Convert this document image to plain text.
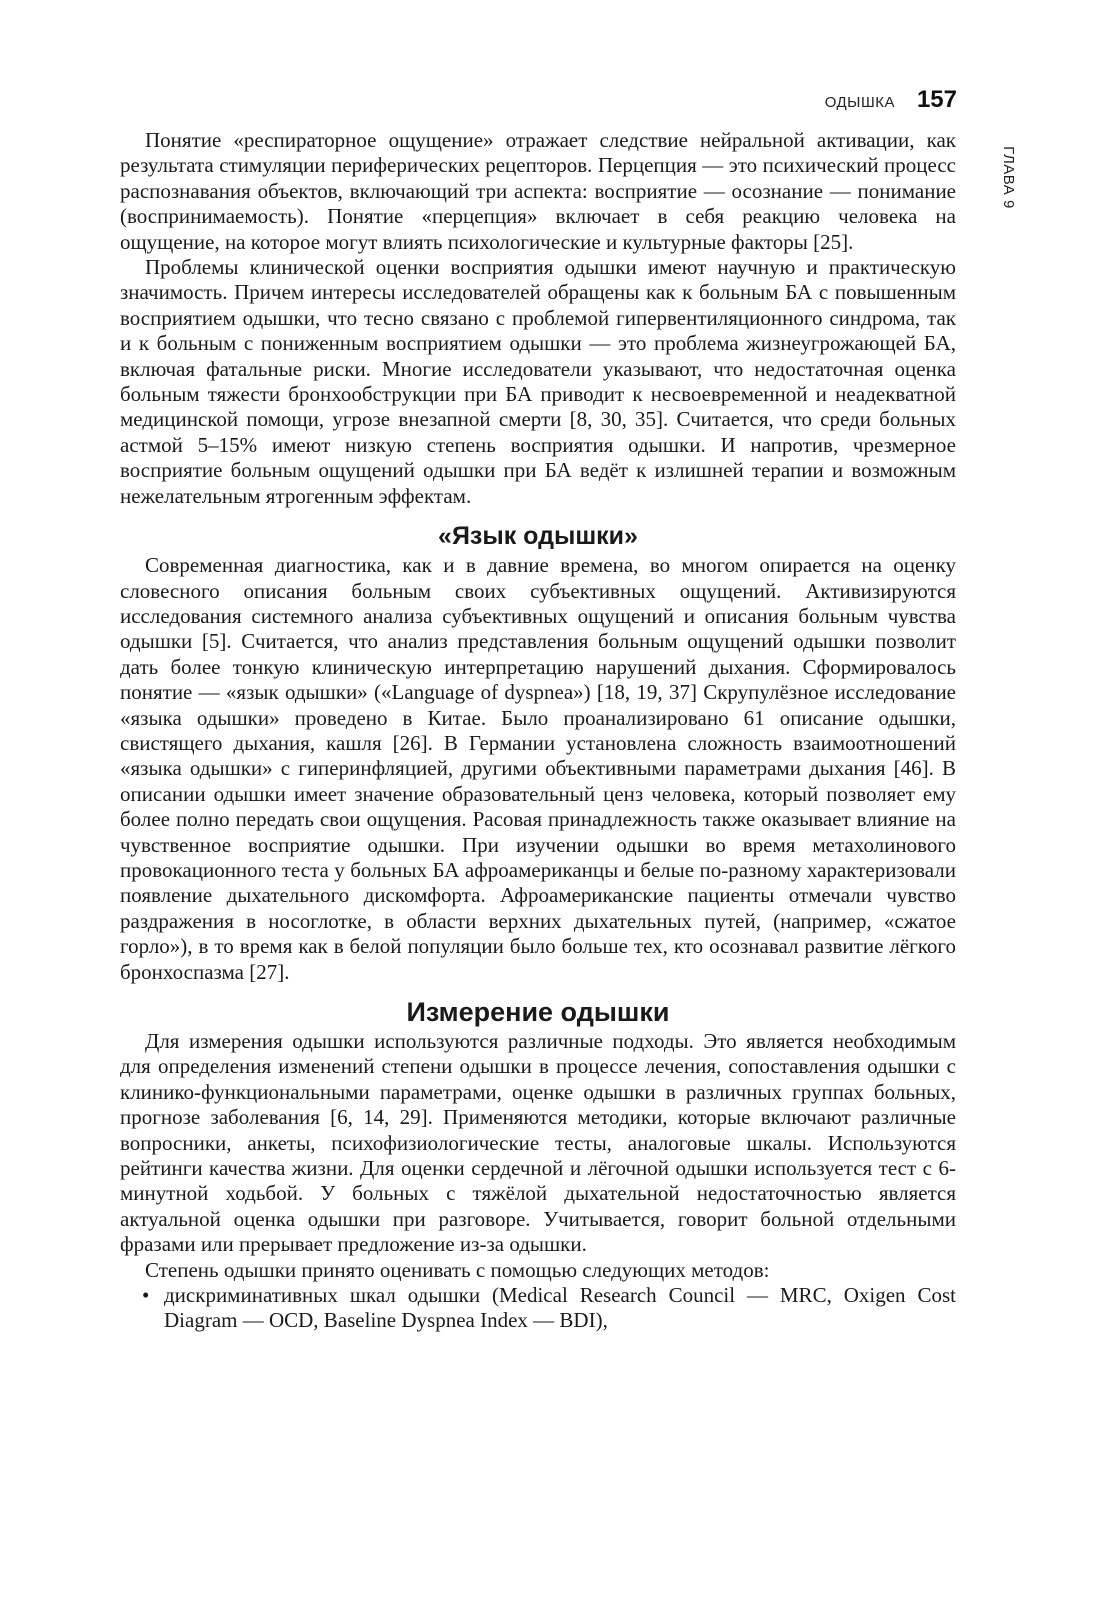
ОДЫШКА 157
ГЛАВА 9

Понятие «респираторное ощущение» отражает следствие нейральной активации, как результата стимуляции периферических рецепторов. Перцепция — это психический процесс распознавания объектов, включающий три аспекта: восприятие — осознание — понимание (воспринимаемость). Понятие «перцепция» включает в себя реакцию человека на ощущение, на которое могут влиять психологические и культурные факторы [25].

Проблемы клинической оценки восприятия одышки имеют научную и практическую значимость. Причем интересы исследователей обращены как к больным БА с повышенным восприятием одышки, что тесно связано с проблемой гипервентиляционного синдрома, так и к больным с пониженным восприятием одышки — это проблема жизнеугрожающей БА, включая фатальные риски. Многие исследователи указывают, что недостаточная оценка больным тяжести бронхообструкции при БА приводит к несвоевременной и неадекватной медицинской помощи, угрозе внезапной смерти [8, 30, 35]. Считается, что среди больных астмой 5–15% имеют низкую степень восприятия одышки. И напротив, чрезмерное восприятие больным ощущений одышки при БА ведёт к излишней терапии и возможным нежелательным ятрогенным эффектам.

«Язык одышки»

Современная диагностика, как и в давние времена, во многом опирается на оценку словесного описания больным своих субъективных ощущений. Активизируются исследования системного анализа субъективных ощущений и описания больным чувства одышки [5]. Считается, что анализ представления больным ощущений одышки позволит дать более тонкую клиническую интерпретацию нарушений дыхания. Сформировалось понятие — «язык одышки» («Language of dyspnea») [18, 19, 37] Скрупулёзное исследование «языка одышки» проведено в Китае. Было проанализировано 61 описание одышки, свистящего дыхания, кашля [26]. В Германии установлена сложность взаимоотношений «языка одышки» с гиперинфляцией, другими объективными параметрами дыхания [46]. В описании одышки имеет значение образовательный ценз человека, который позволяет ему более полно передать свои ощущения. Расовая принадлежность также оказывает влияние на чувственное восприятие одышки. При изучении одышки во время метахолинового провокационного теста у больных БА афроамериканцы и белые по-разному характеризовали появление дыхательного дискомфорта. Афроамериканские пациенты отмечали чувство раздражения в носоглотке, в области верхних дыхательных путей, (например, «сжатое горло»), в то время как в белой популяции было больше тех, кто осознавал развитие лёгкого бронхоспазма [27].

Измерение одышки

Для измерения одышки используются различные подходы. Это является необходимым для определения изменений степени одышки в процессе лечения, сопоставления одышки с клинико-функциональными параметрами, оценке одышки в различных группах больных, прогнозе заболевания [6, 14, 29]. Применяются методики, которые включают различные вопросники, анкеты, психофизиологические тесты, аналоговые шкалы. Используются рейтинги качества жизни. Для оценки сердечной и лёгочной одышки используется тест с 6-минутной ходьбой. У больных с тяжёлой дыхательной недостаточностью является актуальной оценка одышки при разговоре. Учитывается, говорит больной отдельными фразами или прерывает предложение из-за одышки.

Степень одышки принято оценивать с помощью следующих методов:

• дискриминативных шкал одышки (Medical Research Council — MRC, Oxigen Cost Diagram — OCD, Baseline Dyspnea Index — BDI),
